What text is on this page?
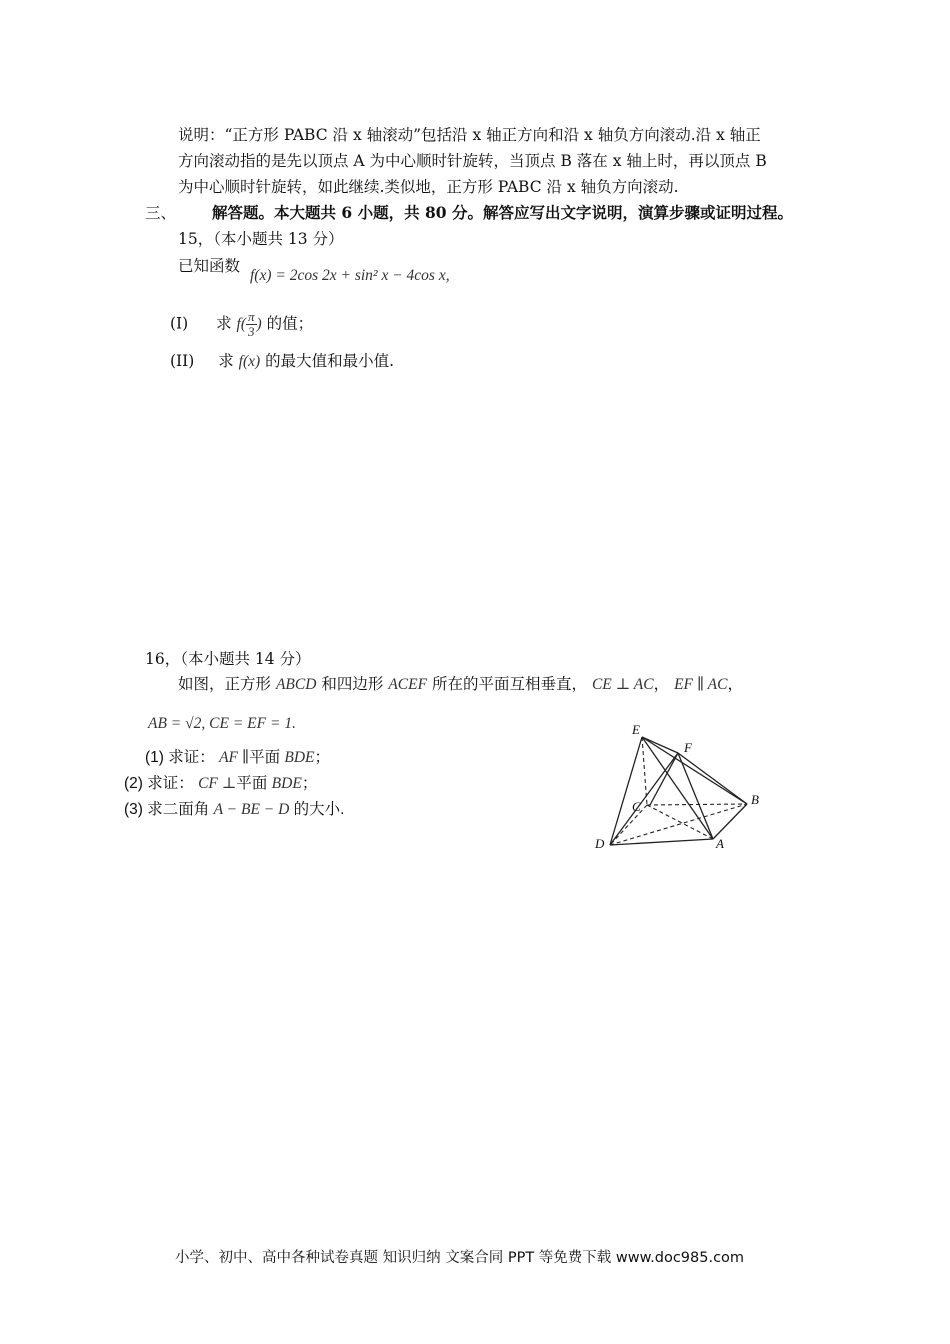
说明：“正方形 PABC 沿 x 轴滚动”包括沿 x 轴正方向和沿 x 轴负方向滚动.沿 x 轴正
方向滚动指的是先以顶点 A 为中心顺时针旋转，当顶点 B 落在 x 轴上时，再以顶点 B
为中心顺时针旋转，如此继续.类似地，正方形 PABC 沿 x 轴负方向滚动.
三、 解答题。本大题共 6 小题，共 80 分。解答应写出文字说明，演算步骤或证明过程。
15，（本小题共 13 分）
已知函数
f(x) = 2cos 2x + sin² x − 4cos x,
(I) 求 $f( \frac{\pi}{3}$ ) 的值；
(II) 求 f(x) 的最大值和最小值.
16，（本小题共 14 分）
如图，正方形 ABCD 和四边形 ACEF 所在的平面互相垂直， CE ⊥ AC， EF ∥ AC，
AB = √2, CE = EF = 1.
(1) 求证： AF ∥平面 BDE；
(2) 求证： CF ⊥平面 BDE；
(3) 求二面角 A − BE − D 的大小.
E
F
B
C
D	A
小学、初中、高中各种试卷真题 知识归纳 文案合同 PPT 等免费下载 www.doc985.com
